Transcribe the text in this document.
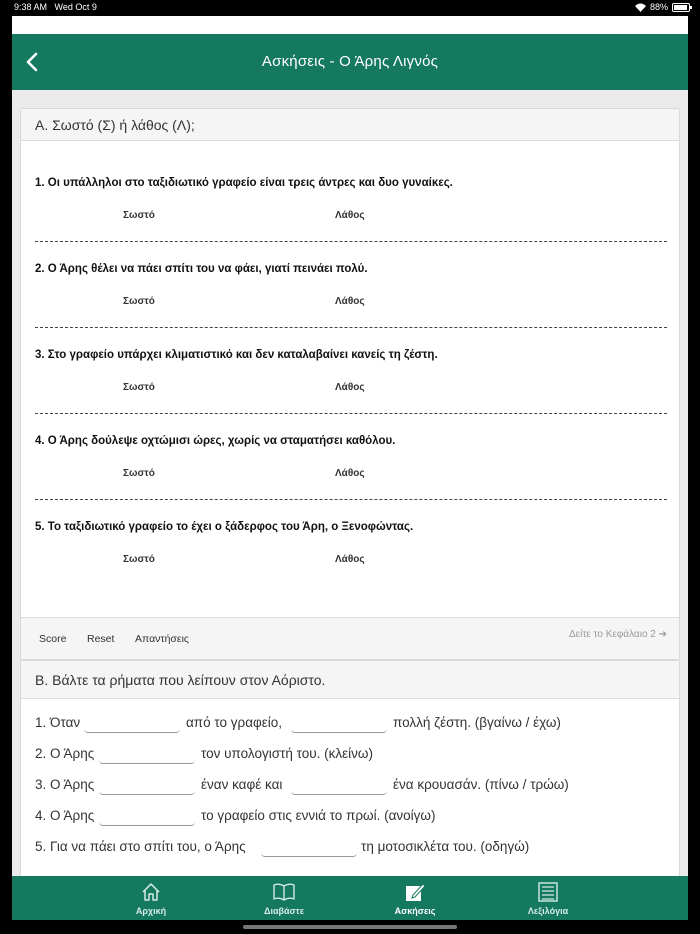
9:38 AM Wed Oct 9	88%
Ασκήσεις - Ο Άρης Λιγνός
Α. Σωστό (Σ) ή λάθος (Λ);
1. Οι υπάλληλοι στο ταξιδιωτικό γραφείο είναι τρεις άντρες και δυο γυναίκες.
Σωστό	Λάθος
2. Ο Άρης θέλει να πάει σπίτι του να φάει, γιατί πεινάει πολύ.
Σωστό	Λάθος
3. Στο γραφείο υπάρχει κλιματιστικό και δεν καταλαβαίνει κανείς τη ζέστη.
Σωστό	Λάθος
4. Ο Άρης δούλεψε οχτώμισι ώρες, χωρίς να σταματήσει καθόλου.
Σωστό	Λάθος
5. Το ταξιδιωτικό γραφείο το έχει ο ξάδερφος του Άρη, ο Ξενοφώντας.
Σωστό	Λάθος
Score Reset Απαντήσεις	Δείτε το Κεφάλαιο 2 ➜
Β. Βάλτε τα ρήματα που λείπουν στον Αόριστο.
1. Όταν	από το γραφείο,	πολλή ζέστη. (βγαίνω / έχω)
2. Ο Άρης	τον υπολογιστή του. (κλείνω)
3. Ο Άρης	έναν καφέ και	ένα κρουασάν. (πίνω / τρώω)
4. Ο Άρης	το γραφείο στις εννιά το πρωί. (ανοίγω)
5. Για να πάει στο σπίτι του, ο Άρης	τη μοτοσικλέτα του. (οδηγώ)
Αρχική	Διαβάστε	Ασκήσεις	Λεξιλόγια
